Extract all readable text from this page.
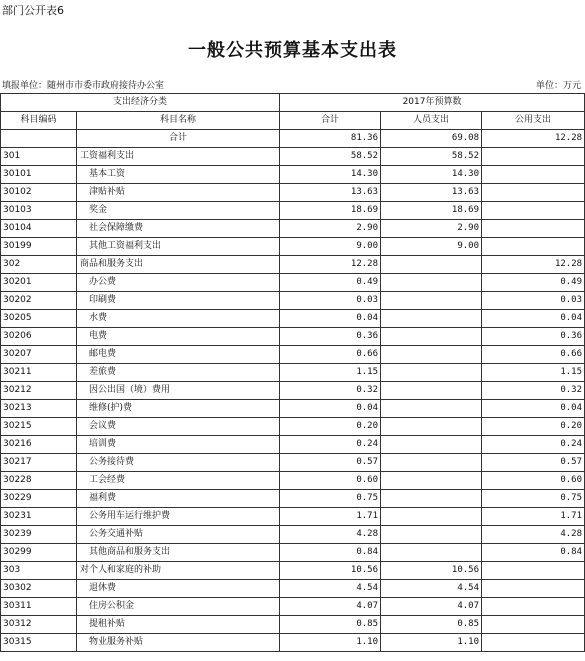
部门公开表6
一般公共预算基本支出表
填报单位：随州市市委市政府接待办公室	单位：万元
支出经济分类		2017年预算数		
科目编码	科目名称	合计	人员支出	公用支出
	合计	81.36	69.08	12.28
301	工资福利支出	58.52	58.52	
30101	基本工资	14.30	14.30	
30102	津贴补贴	13.63	13.63	
30103	奖金	18.69	18.69	
30104	社会保障缴费	2.90	2.90	
30199	其他工资福利支出	9.00	9.00	
302	商品和服务支出	12.28		12.28
30201	办公费	0.49		0.49
30202	印刷费	0.03		0.03
30205	水费	0.04		0.04
30206	电费	0.36		0.36
30207	邮电费	0.66		0.66
30211	差旅费	1.15		1.15
30212	因公出国（境）费用	0.32		0.32
30213	维修(护)费	0.04		0.04
30215	会议费	0.20		0.20
30216	培训费	0.24		0.24
30217	公务接待费	0.57		0.57
30228	工会经费	0.60		0.60
30229	福利费	0.75		0.75
30231	公务用车运行维护费	1.71		1.71
30239	公务交通补贴	4.28		4.28
30299	其他商品和服务支出	0.84		0.84
303	对个人和家庭的补助	10.56	10.56	
30302	退休费	4.54	4.54	
30311	住房公积金	4.07	4.07	
30312	提租补贴	0.85	0.85	
30315	物业服务补贴	1.10	1.10	
